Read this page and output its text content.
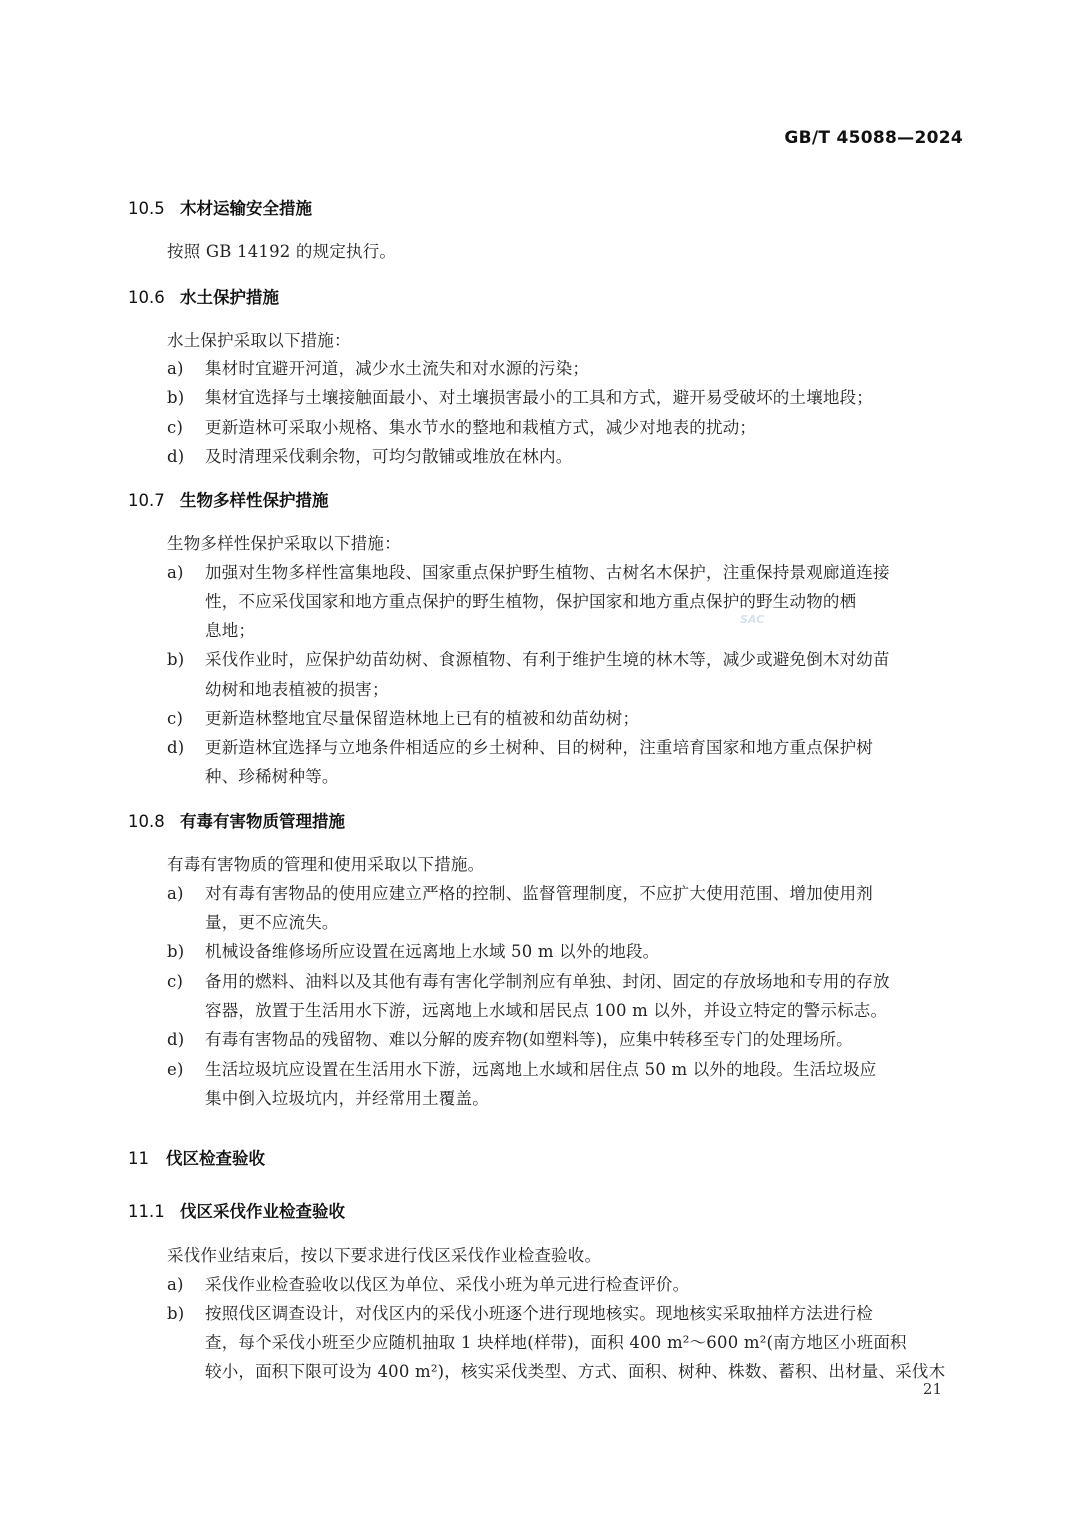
GB/T 45088—2024
10.5 木材运输安全措施
按照 GB 14192 的规定执行。
10.6 水土保护措施
水土保护采取以下措施：
a) 集材时宜避开河道，减少水土流失和对水源的污染；
b) 集材宜选择与土壤接触面最小、对土壤损害最小的工具和方式，避开易受破坏的土壤地段；
c) 更新造林可采取小规格、集水节水的整地和栽植方式，减少对地表的扰动；
d) 及时清理采伐剩余物，可均匀散铺或堆放在林内。
10.7 生物多样性保护措施
生物多样性保护采取以下措施：
a) 加强对生物多样性富集地段、国家重点保护野生植物、古树名木保护，注重保持景观廊道连接
性，不应采伐国家和地方重点保护的野生植物，保护国家和地方重点保护的野生动物的栖
息地；
b) 采伐作业时，应保护幼苗幼树、食源植物、有利于维护生境的林木等，减少或避免倒木对幼苗
幼树和地表植被的损害；
c) 更新造林整地宜尽量保留造林地上已有的植被和幼苗幼树；
d) 更新造林宜选择与立地条件相适应的乡土树种、目的树种，注重培育国家和地方重点保护树
种、珍稀树种等。
SAC
10.8 有毒有害物质管理措施
有毒有害物质的管理和使用采取以下措施。
a) 对有毒有害物品的使用应建立严格的控制、监督管理制度，不应扩大使用范围、增加使用剂
量，更不应流失。
b) 机械设备维修场所应设置在远离地上水域 50 m 以外的地段。
c) 备用的燃料、油料以及其他有毒有害化学制剂应有单独、封闭、固定的存放场地和专用的存放
容器，放置于生活用水下游，远离地上水域和居民点 100 m 以外，并设立特定的警示标志。
d) 有毒有害物品的残留物、难以分解的废弃物(如塑料等)，应集中转移至专门的处理场所。
e) 生活垃圾坑应设置在生活用水下游，远离地上水域和居住点 50 m 以外的地段。生活垃圾应
集中倒入垃圾坑内，并经常用土覆盖。
11 伐区检查验收
11.1 伐区采伐作业检查验收
采伐作业结束后，按以下要求进行伐区采伐作业检查验收。
a) 采伐作业检查验收以伐区为单位、采伐小班为单元进行检查评价。
b) 按照伐区调查设计，对伐区内的采伐小班逐个进行现地核实。现地核实采取抽样方法进行检
查，每个采伐小班至少应随机抽取 1 块样地(样带)，面积 400 m²～600 m²(南方地区小班面积
较小，面积下限可设为 400 m²)，核实采伐类型、方式、面积、树种、株数、蓄积、出材量、采伐木
21
